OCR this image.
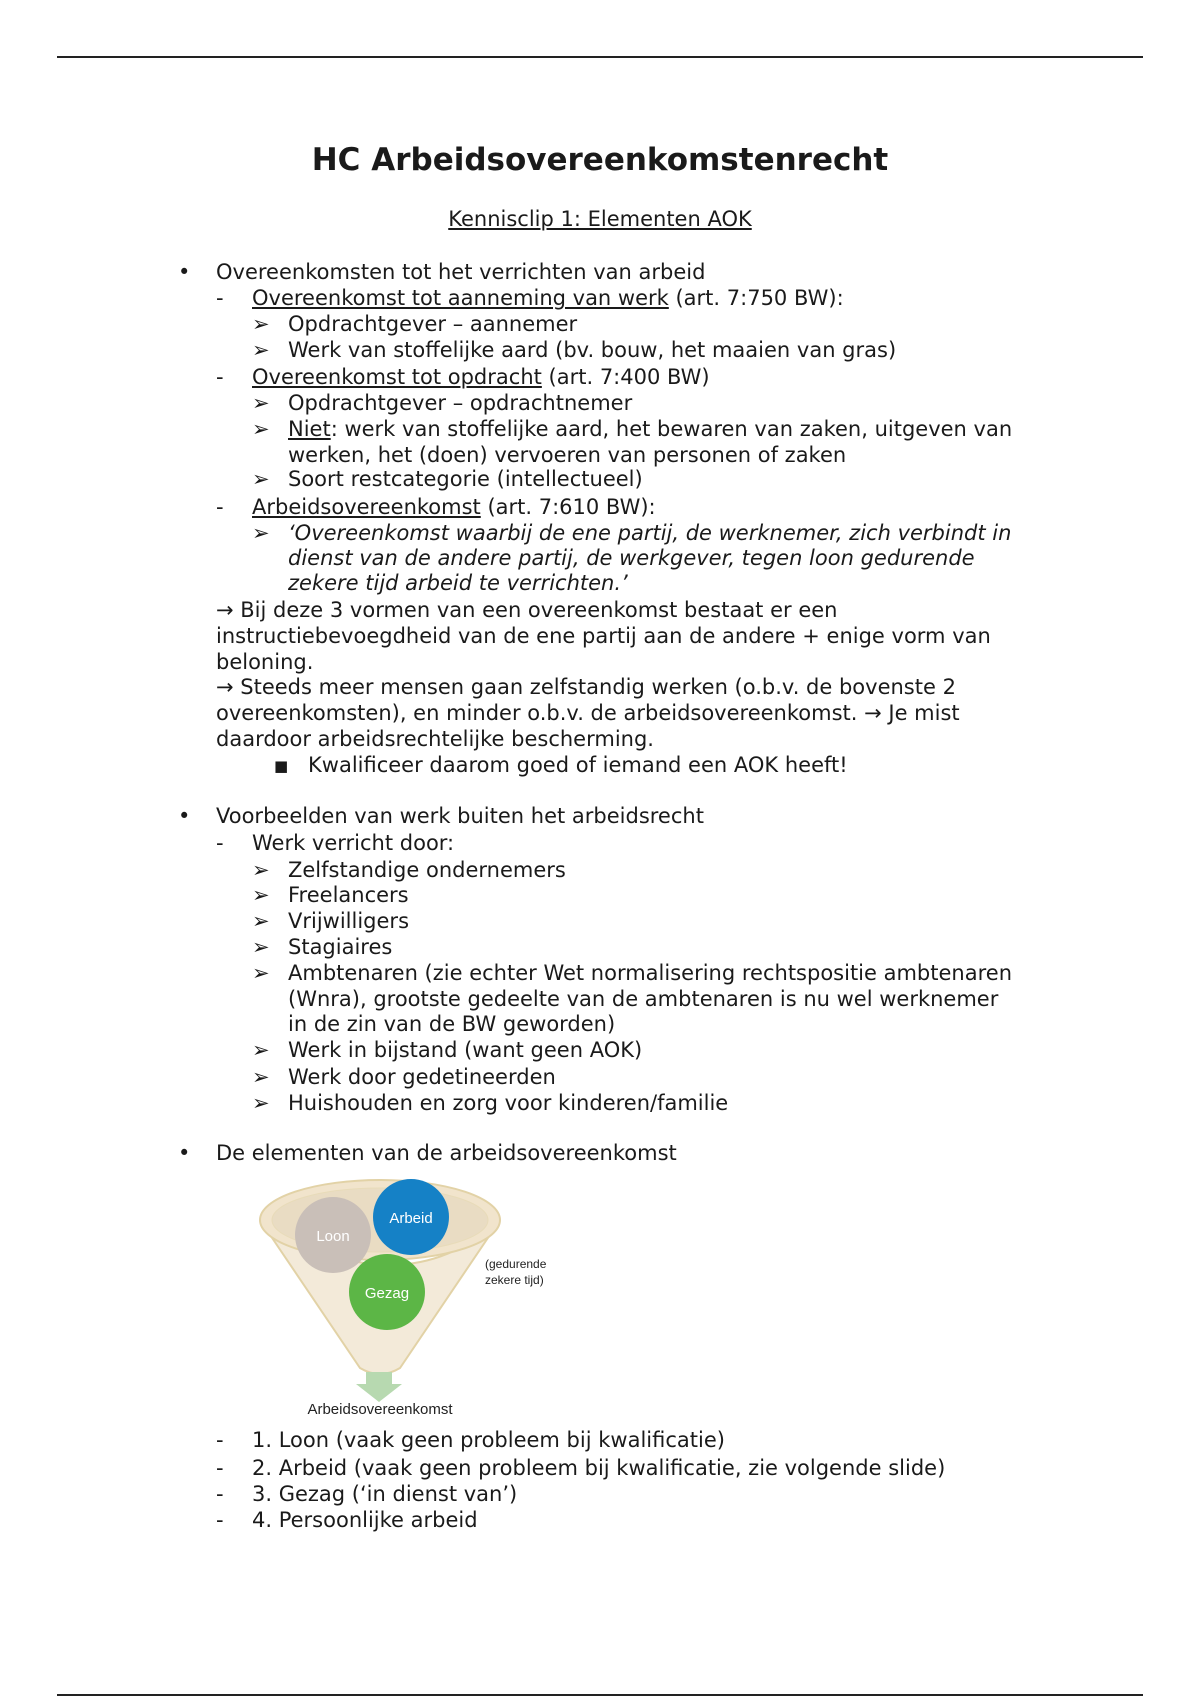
HC Arbeidsovereenkomstenrecht
Kennisclip 1: Elementen AOK
• Overeenkomsten tot het verrichten van arbeid
- Overeenkomst tot aanneming van werk (art. 7:750 BW):
➢ Opdrachtgever – aannemer
➢ Werk van stoffelijke aard (bv. bouw, het maaien van gras)
- Overeenkomst tot opdracht (art. 7:400 BW)
➢ Opdrachtgever – opdrachtnemer
➢ Niet: werk van stoffelijke aard, het bewaren van zaken, uitgeven van
werken, het (doen) vervoeren van personen of zaken
➢ Soort restcategorie (intellectueel)
- Arbeidsovereenkomst (art. 7:610 BW):
➢ ‘Overeenkomst waarbij de ene partij, de werknemer, zich verbindt in
dienst van de andere partij, de werkgever, tegen loon gedurende
zekere tijd arbeid te verrichten.’
→ Bij deze 3 vormen van een overeenkomst bestaat er een
instructiebevoegdheid van de ene partij aan de andere + enige vorm van
beloning.
→ Steeds meer mensen gaan zelfstandig werken (o.b.v. de bovenste 2
overeenkomsten), en minder o.b.v. de arbeidsovereenkomst. → Je mist
daardoor arbeidsrechtelijke bescherming.
■ Kwalificeer daarom goed of iemand een AOK heeft!
• Voorbeelden van werk buiten het arbeidsrecht
- Werk verricht door:
➢ Zelfstandige ondernemers
➢ Freelancers
➢ Vrijwilligers
➢ Stagiaires
➢ Ambtenaren (zie echter Wet normalisering rechtspositie ambtenaren
(Wnra), grootste gedeelte van de ambtenaren is nu wel werknemer
in de zin van de BW geworden)
➢ Werk in bijstand (want geen AOK)
➢ Werk door gedetineerden
➢ Huishouden en zorg voor kinderen/familie
• De elementen van de arbeidsovereenkomst
Loon
Arbeid
Gezag
(gedurende
zekere tijd)
Arbeidsovereenkomst
- 1. Loon (vaak geen probleem bij kwalificatie)
- 2. Arbeid (vaak geen probleem bij kwalificatie, zie volgende slide)
- 3. Gezag (‘in dienst van’)
- 4. Persoonlijke arbeid
